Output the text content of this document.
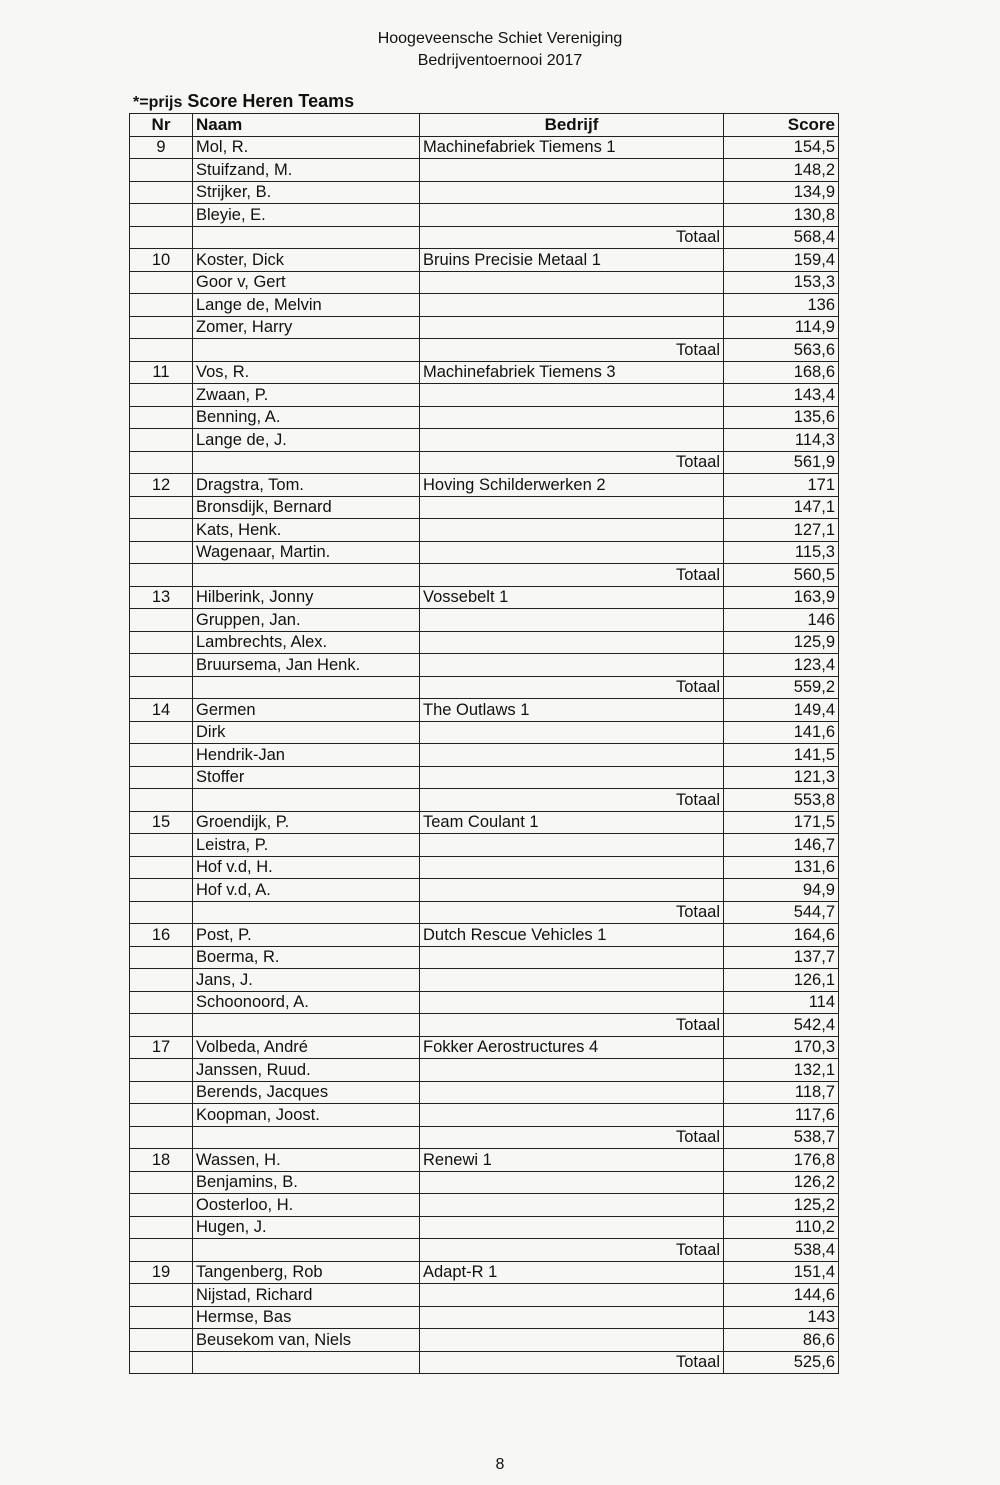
Hoogeveensche Schiet Vereniging
Bedrijventoernooi 2017
*=prijs Score Heren Teams
Nr	Naam	Bedrijf	Score
9	Mol, R.	Machinefabriek Tiemens 1	154,5
	Stuifzand, M.		148,2
	Strijker, B.		134,9
	Bleyie, E.		130,8
		Totaal	568,4
10	Koster, Dick	Bruins Precisie Metaal 1	159,4
	Goor v, Gert		153,3
	Lange de, Melvin		136
	Zomer, Harry		114,9
		Totaal	563,6
11	Vos, R.	Machinefabriek Tiemens 3	168,6
	Zwaan, P.		143,4
	Benning, A.		135,6
	Lange de, J.		114,3
		Totaal	561,9
12	Dragstra, Tom.	Hoving Schilderwerken 2	171
	Bronsdijk, Bernard		147,1
	Kats, Henk.		127,1
	Wagenaar, Martin.		115,3
		Totaal	560,5
13	Hilberink, Jonny	Vossebelt 1	163,9
	Gruppen, Jan.		146
	Lambrechts, Alex.		125,9
	Bruursema, Jan Henk.		123,4
		Totaal	559,2
14	Germen	The Outlaws 1	149,4
	Dirk		141,6
	Hendrik-Jan		141,5
	Stoffer		121,3
		Totaal	553,8
15	Groendijk, P.	Team Coulant 1	171,5
	Leistra, P.		146,7
	Hof v.d, H.		131,6
	Hof v.d, A.		94,9
		Totaal	544,7
16	Post, P.	Dutch Rescue Vehicles 1	164,6
	Boerma, R.		137,7
	Jans, J.		126,1
	Schoonoord, A.		114
		Totaal	542,4
17	Volbeda, André	Fokker Aerostructures 4	170,3
	Janssen, Ruud.		132,1
	Berends, Jacques		118,7
	Koopman, Joost.		117,6
		Totaal	538,7
18	Wassen, H.	Renewi 1	176,8
	Benjamins, B.		126,2
	Oosterloo, H.		125,2
	Hugen, J.		110,2
		Totaal	538,4
19	Tangenberg, Rob	Adapt-R 1	151,4
	Nijstad, Richard		144,6
	Hermse, Bas		143
	Beusekom van, Niels		86,6
		Totaal	525,6
8
